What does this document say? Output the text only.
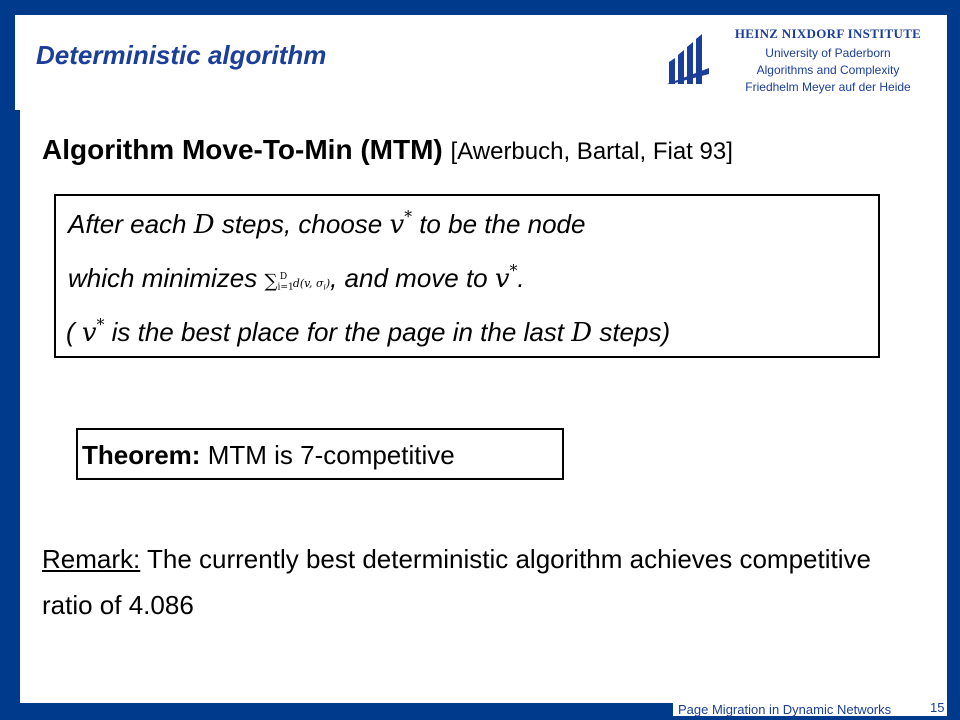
Deterministic algorithm
HEINZ NIXDORF INSTITUTE
University of Paderborn
Algorithms and Complexity
Friedhelm Meyer auf der Heide
Algorithm Move-To-Min (MTM) [Awerbuch, Bartal, Fiat 93]
After each D steps, choose v* to be the node
which minimizes $\sum i=1^D$ d(v, $\sigma_i$), and move to v*.
( v* is the best place for the page in the last D steps)
Theorem: MTM is 7-competitive
Remark: The currently best deterministic algorithm achieves competitive ratio of 4.086
Page Migration in Dynamic Networks	15
